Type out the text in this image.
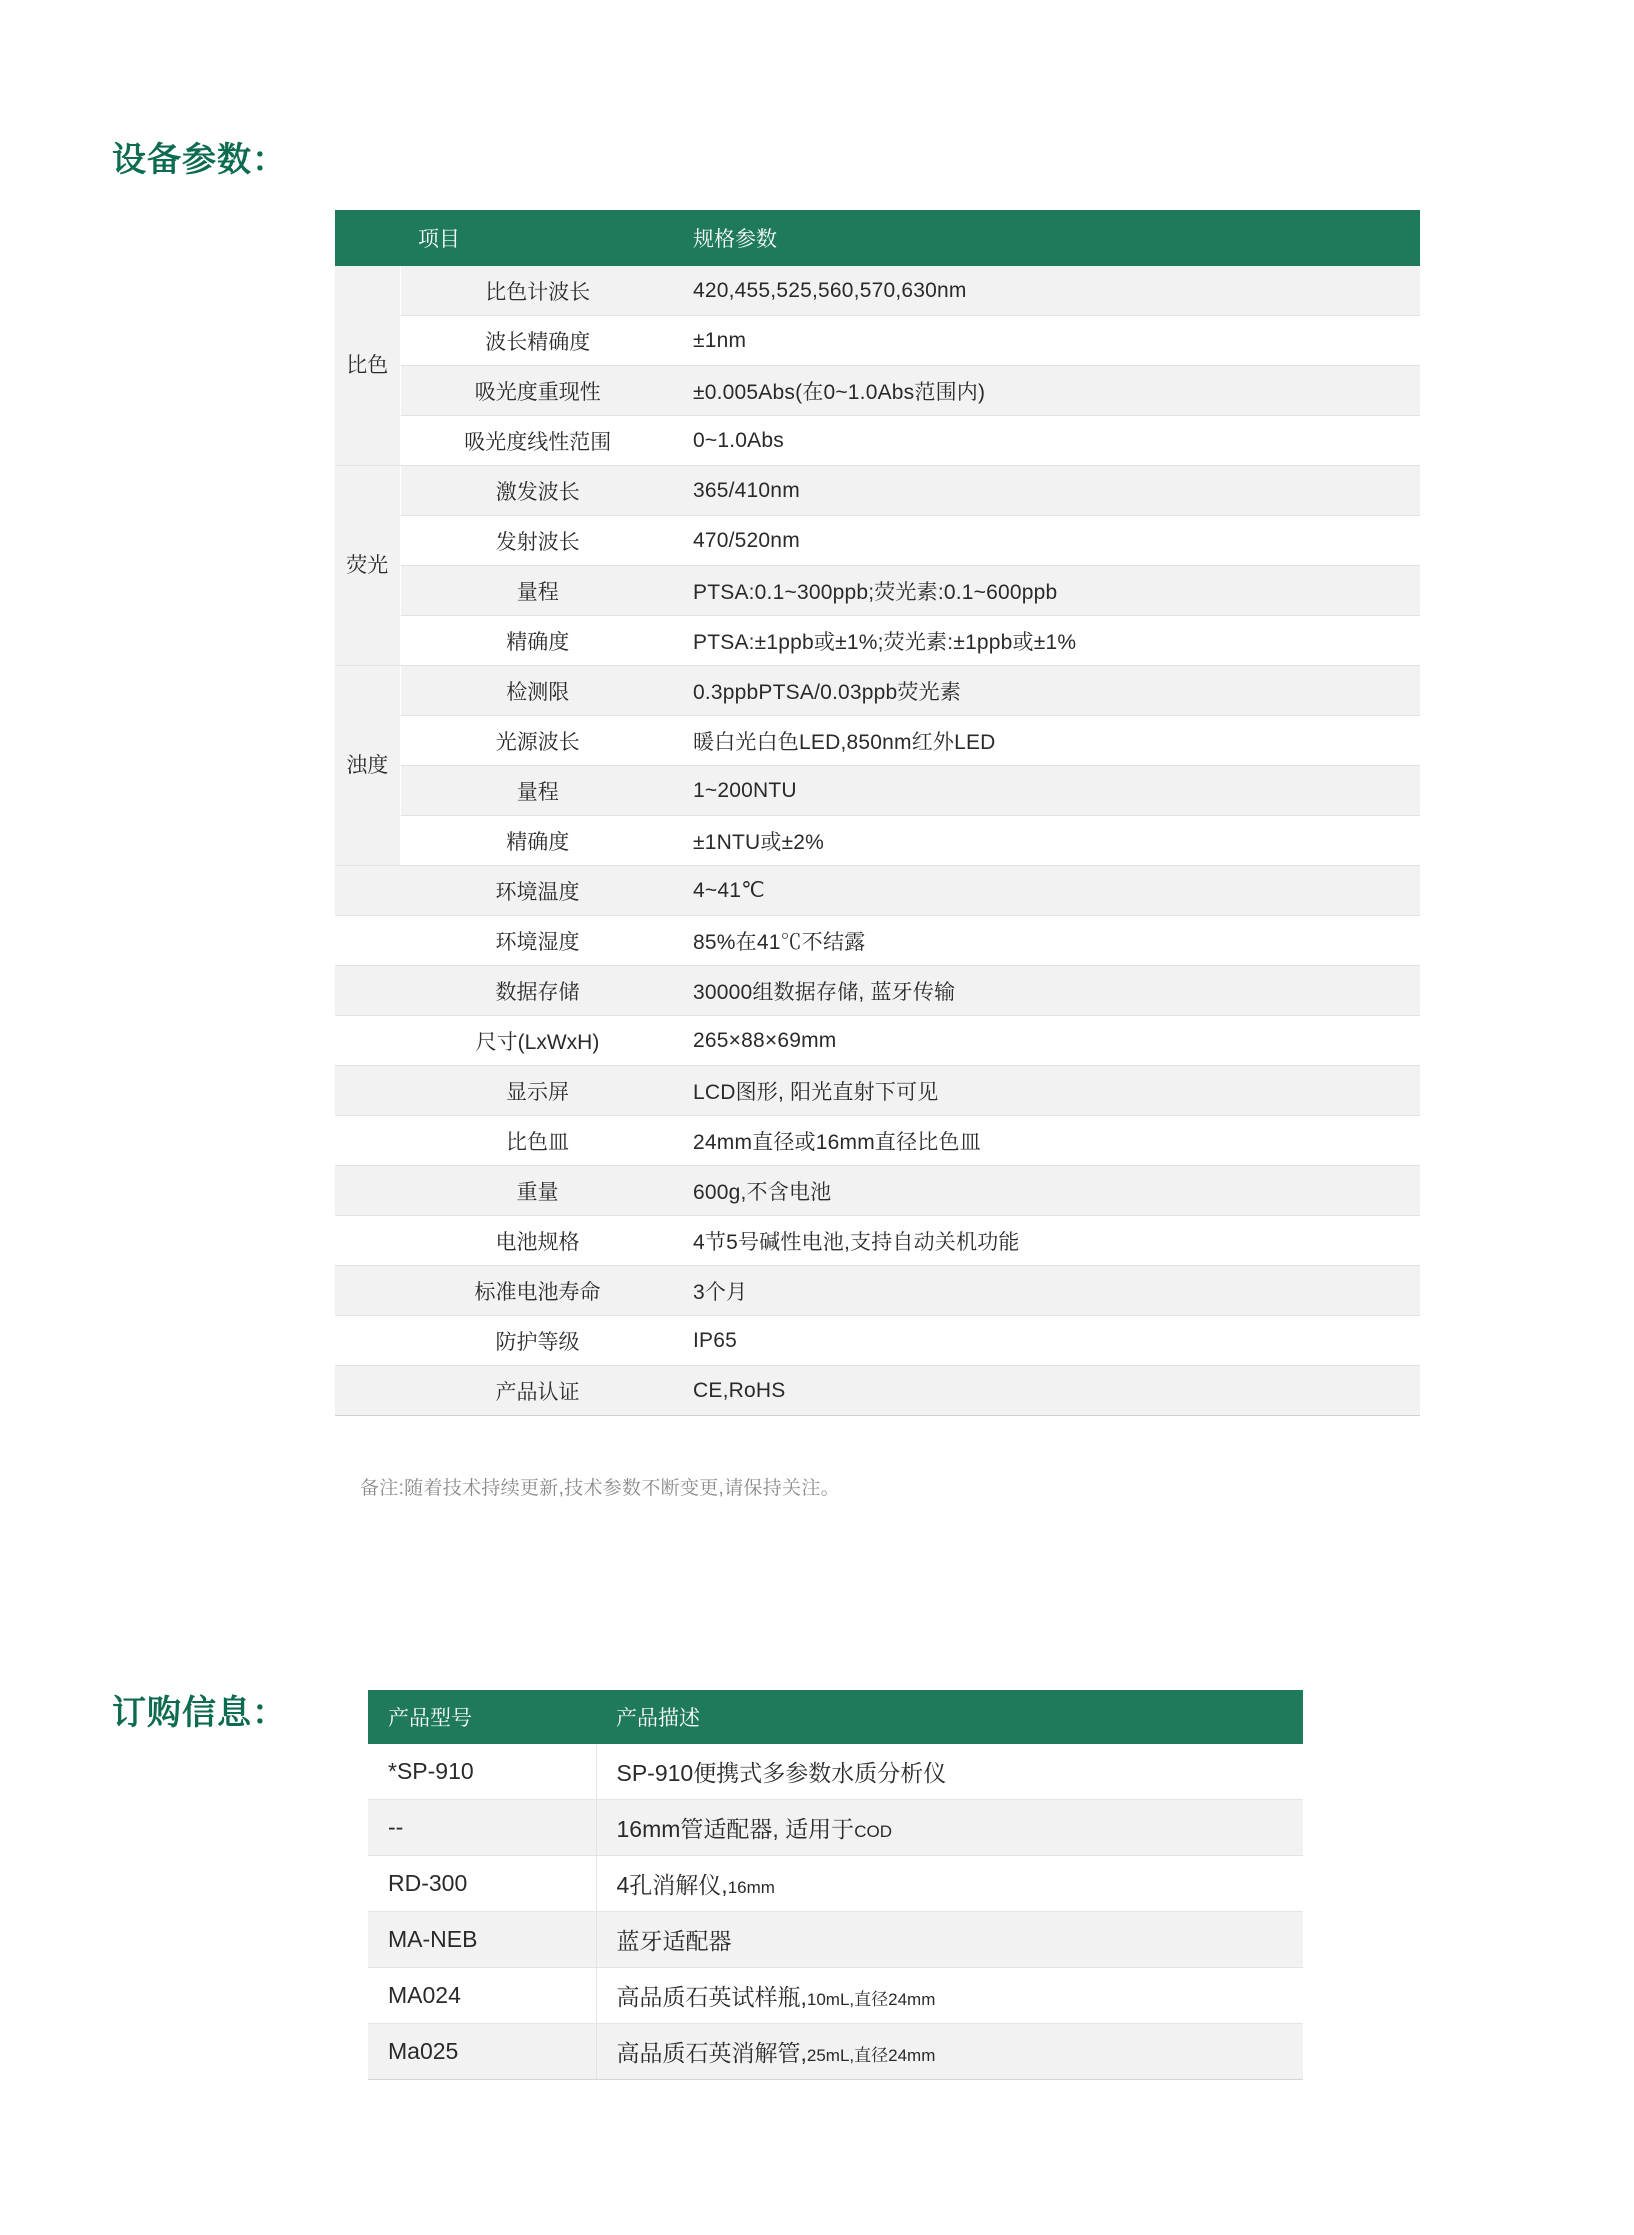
设备参数：
	项目	规格参数
比色	比色计波长	420,455,525,560,570,630nm
	波长精确度	±1nm
	吸光度重现性	±0.005Abs(在0~1.0Abs范围内)
	吸光度线性范围	0~1.0Abs
荧光	激发波长	365/410nm
	发射波长	470/520nm
	量程	PTSA:0.1~300ppb;荧光素:0.1~600ppb
	精确度	PTSA:±1ppb或±1%;荧光素:±1ppb或±1%
浊度	检测限	0.3ppbPTSA/0.03ppb荧光素
	光源波长	暖白光白色LED,850nm红外LED
	量程	1~200NTU
	精确度	±1NTU或±2%
	环境温度	4~41℃
	环境湿度	85%在41℃不结露
	数据存储	30000组数据存储, 蓝牙传输
	尺寸(LxWxH)	265×88×69mm
	显示屏	LCD图形, 阳光直射下可见
	比色皿	24mm直径或16mm直径比色皿
	重量	600g,不含电池
	电池规格	4节5号碱性电池,支持自动关机功能
	标准电池寿命	3个月
	防护等级	IP65
	产品认证	CE,RoHS
备注:随着技术持续更新,技术参数不断变更,请保持关注。
订购信息：	产品型号	产品描述
*SP-910	SP-910便携式多参数水质分析仪
--	16mm管适配器, 适用于COD
RD-300	4孔消解仪,16mm
MA-NEB	蓝牙适配器
MA024	高品质石英试样瓶,10mL,直径24mm
Ma025	高品质石英消解管,25mL,直径24mm
